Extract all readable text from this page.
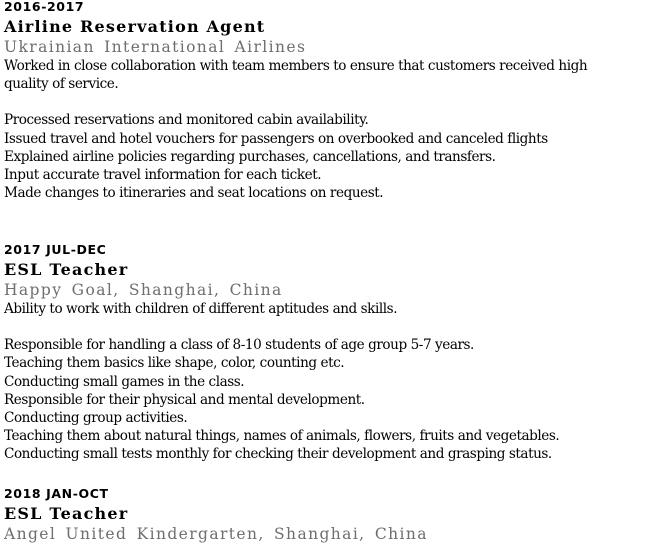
2016-2017
Airline Reservation Agent
Ukrainian International Airlines
Worked in close collaboration with team members to ensure that customers received high quality of service.
Processed reservations and monitored cabin availability.
Issued travel and hotel vouchers for passengers on overbooked and canceled flights
Explained airline policies regarding purchases, cancellations, and transfers.
Input accurate travel information for each ticket.
Made changes to itineraries and seat locations on request.
2017 JUL-DEC
ESL Teacher
Happy Goal, Shanghai, China
Ability to work with children of different aptitudes and skills.
Responsible for handling a class of 8-10 students of age group 5-7 years.
Teaching them basics like shape, color, counting etc.
Conducting small games in the class.
Responsible for their physical and mental development.
Conducting group activities.
Teaching them about natural things, names of animals, flowers, fruits and vegetables.
Conducting small tests monthly for checking their development and grasping status.
2018 JAN-OCT
ESL Teacher
Angel United Kindergarten, Shanghai, China
